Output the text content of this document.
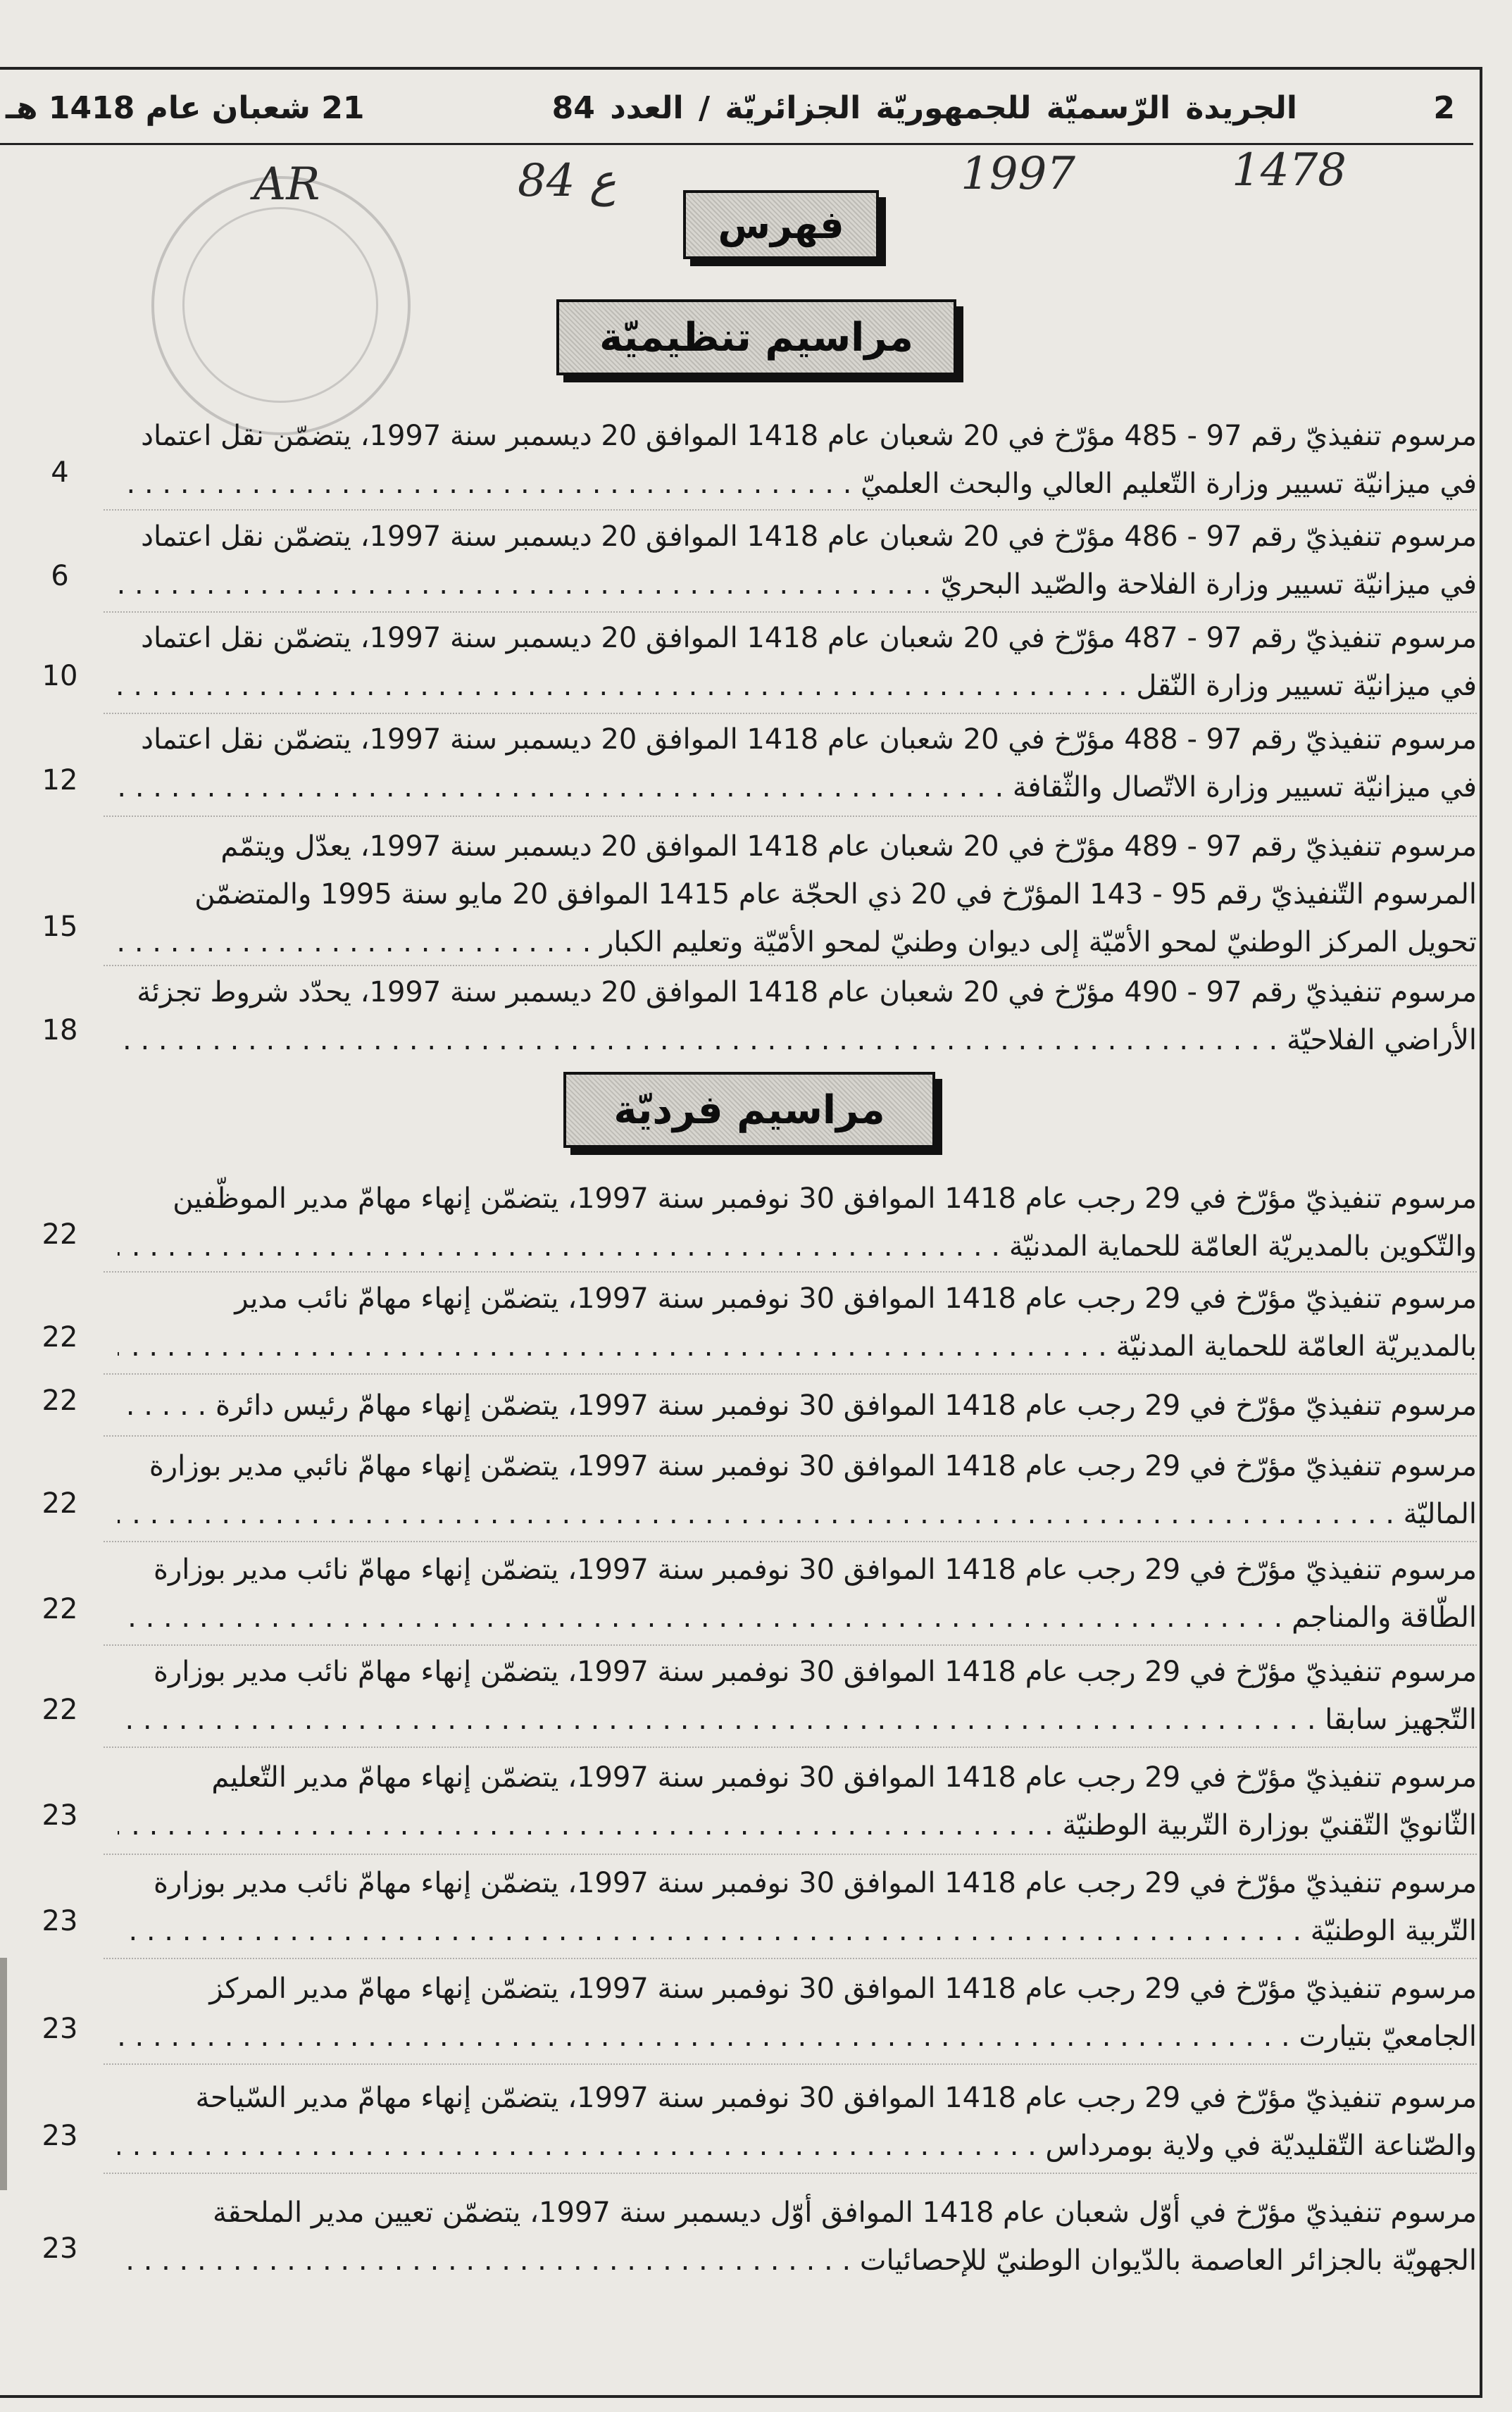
2
الجريدة الرّسميّة للجمهوريّة الجزائريّة / العدد 84
21 شعبان عام 1418 هـ
1478
1997
84 ع
AR
فهرس
مراسيم تنظيميّة
مرسوم تنفيذيّ رقم 97 - 485 مؤرّخ في 20 شعبان عام 1418 الموافق 20 ديسمبر سنة 1997، يتضمّن نقل اعتماد
في ميزانيّة تسيير وزارة التّعليم العالي والبحث العلميّ . . .
4
مرسوم تنفيذيّ رقم 97 - 486 مؤرّخ في 20 شعبان عام 1418 الموافق 20 ديسمبر سنة 1997، يتضمّن نقل اعتماد
في ميزانيّة تسيير وزارة الفلاحة والصّيد البحريّ . . .
6
مرسوم تنفيذيّ رقم 97 - 487 مؤرّخ في 20 شعبان عام 1418 الموافق 20 ديسمبر سنة 1997، يتضمّن نقل اعتماد
في ميزانيّة تسيير وزارة النّقل . . .
10
مرسوم تنفيذيّ رقم 97 - 488 مؤرّخ في 20 شعبان عام 1418 الموافق 20 ديسمبر سنة 1997، يتضمّن نقل اعتماد
في ميزانيّة تسيير وزارة الاتّصال والثّقافة . . .
12
مرسوم تنفيذيّ رقم 97 - 489 مؤرّخ في 20 شعبان عام 1418 الموافق 20 ديسمبر سنة 1997، يعدّل ويتمّم
المرسوم التّنفيذيّ رقم 95 - 143 المؤرّخ في 20 ذي الحجّة عام 1415 الموافق 20 مايو سنة 1995 والمتضمّن
تحويل المركز الوطنيّ لمحو الأمّيّة إلى ديوان وطنيّ لمحو الأمّيّة وتعليم الكبار . . .
15
مرسوم تنفيذيّ رقم 97 - 490 مؤرّخ في 20 شعبان عام 1418 الموافق 20 ديسمبر سنة 1997، يحدّد شروط تجزئة
الأراضي الفلاحيّة . . .
18
مراسيم فرديّة
مرسوم تنفيذيّ مؤرّخ في 29 رجب عام 1418 الموافق 30 نوفمبر سنة 1997، يتضمّن إنهاء مهامّ مدير الموظّفين
والتّكوين بالمديريّة العامّة للحماية المدنيّة . . .
22
مرسوم تنفيذيّ مؤرّخ في 29 رجب عام 1418 الموافق 30 نوفمبر سنة 1997، يتضمّن إنهاء مهامّ نائب مدير
بالمديريّة العامّة للحماية المدنيّة . . .
22
مرسوم تنفيذيّ مؤرّخ في 29 رجب عام 1418 الموافق 30 نوفمبر سنة 1997، يتضمّن إنهاء مهامّ رئيس دائرة . . .
22
مرسوم تنفيذيّ مؤرّخ في 29 رجب عام 1418 الموافق 30 نوفمبر سنة 1997، يتضمّن إنهاء مهامّ نائبي مدير بوزارة
الماليّة . . .
22
مرسوم تنفيذيّ مؤرّخ في 29 رجب عام 1418 الموافق 30 نوفمبر سنة 1997، يتضمّن إنهاء مهامّ نائب مدير بوزارة
الطّاقة والمناجم . . .
22
مرسوم تنفيذيّ مؤرّخ في 29 رجب عام 1418 الموافق 30 نوفمبر سنة 1997، يتضمّن إنهاء مهامّ نائب مدير بوزارة
التّجهيز سابقا . . .
22
مرسوم تنفيذيّ مؤرّخ في 29 رجب عام 1418 الموافق 30 نوفمبر سنة 1997، يتضمّن إنهاء مهامّ مدير التّعليم
الثّانويّ التّقنيّ بوزارة التّربية الوطنيّة . . .
23
مرسوم تنفيذيّ مؤرّخ في 29 رجب عام 1418 الموافق 30 نوفمبر سنة 1997، يتضمّن إنهاء مهامّ نائب مدير بوزارة
التّربية الوطنيّة . . .
23
مرسوم تنفيذيّ مؤرّخ في 29 رجب عام 1418 الموافق 30 نوفمبر سنة 1997، يتضمّن إنهاء مهامّ مدير المركز
الجامعيّ بتيارت . . .
23
مرسوم تنفيذيّ مؤرّخ في 29 رجب عام 1418 الموافق 30 نوفمبر سنة 1997، يتضمّن إنهاء مهامّ مدير السّياحة
والصّناعة التّقليديّة في ولاية بومرداس . . .
23
مرسوم تنفيذيّ مؤرّخ في أوّل شعبان عام 1418 الموافق أوّل ديسمبر سنة 1997، يتضمّن تعيين مدير الملحقة
الجهويّة بالجزائر العاصمة بالدّيوان الوطنيّ للإحصائيات . . .
23
